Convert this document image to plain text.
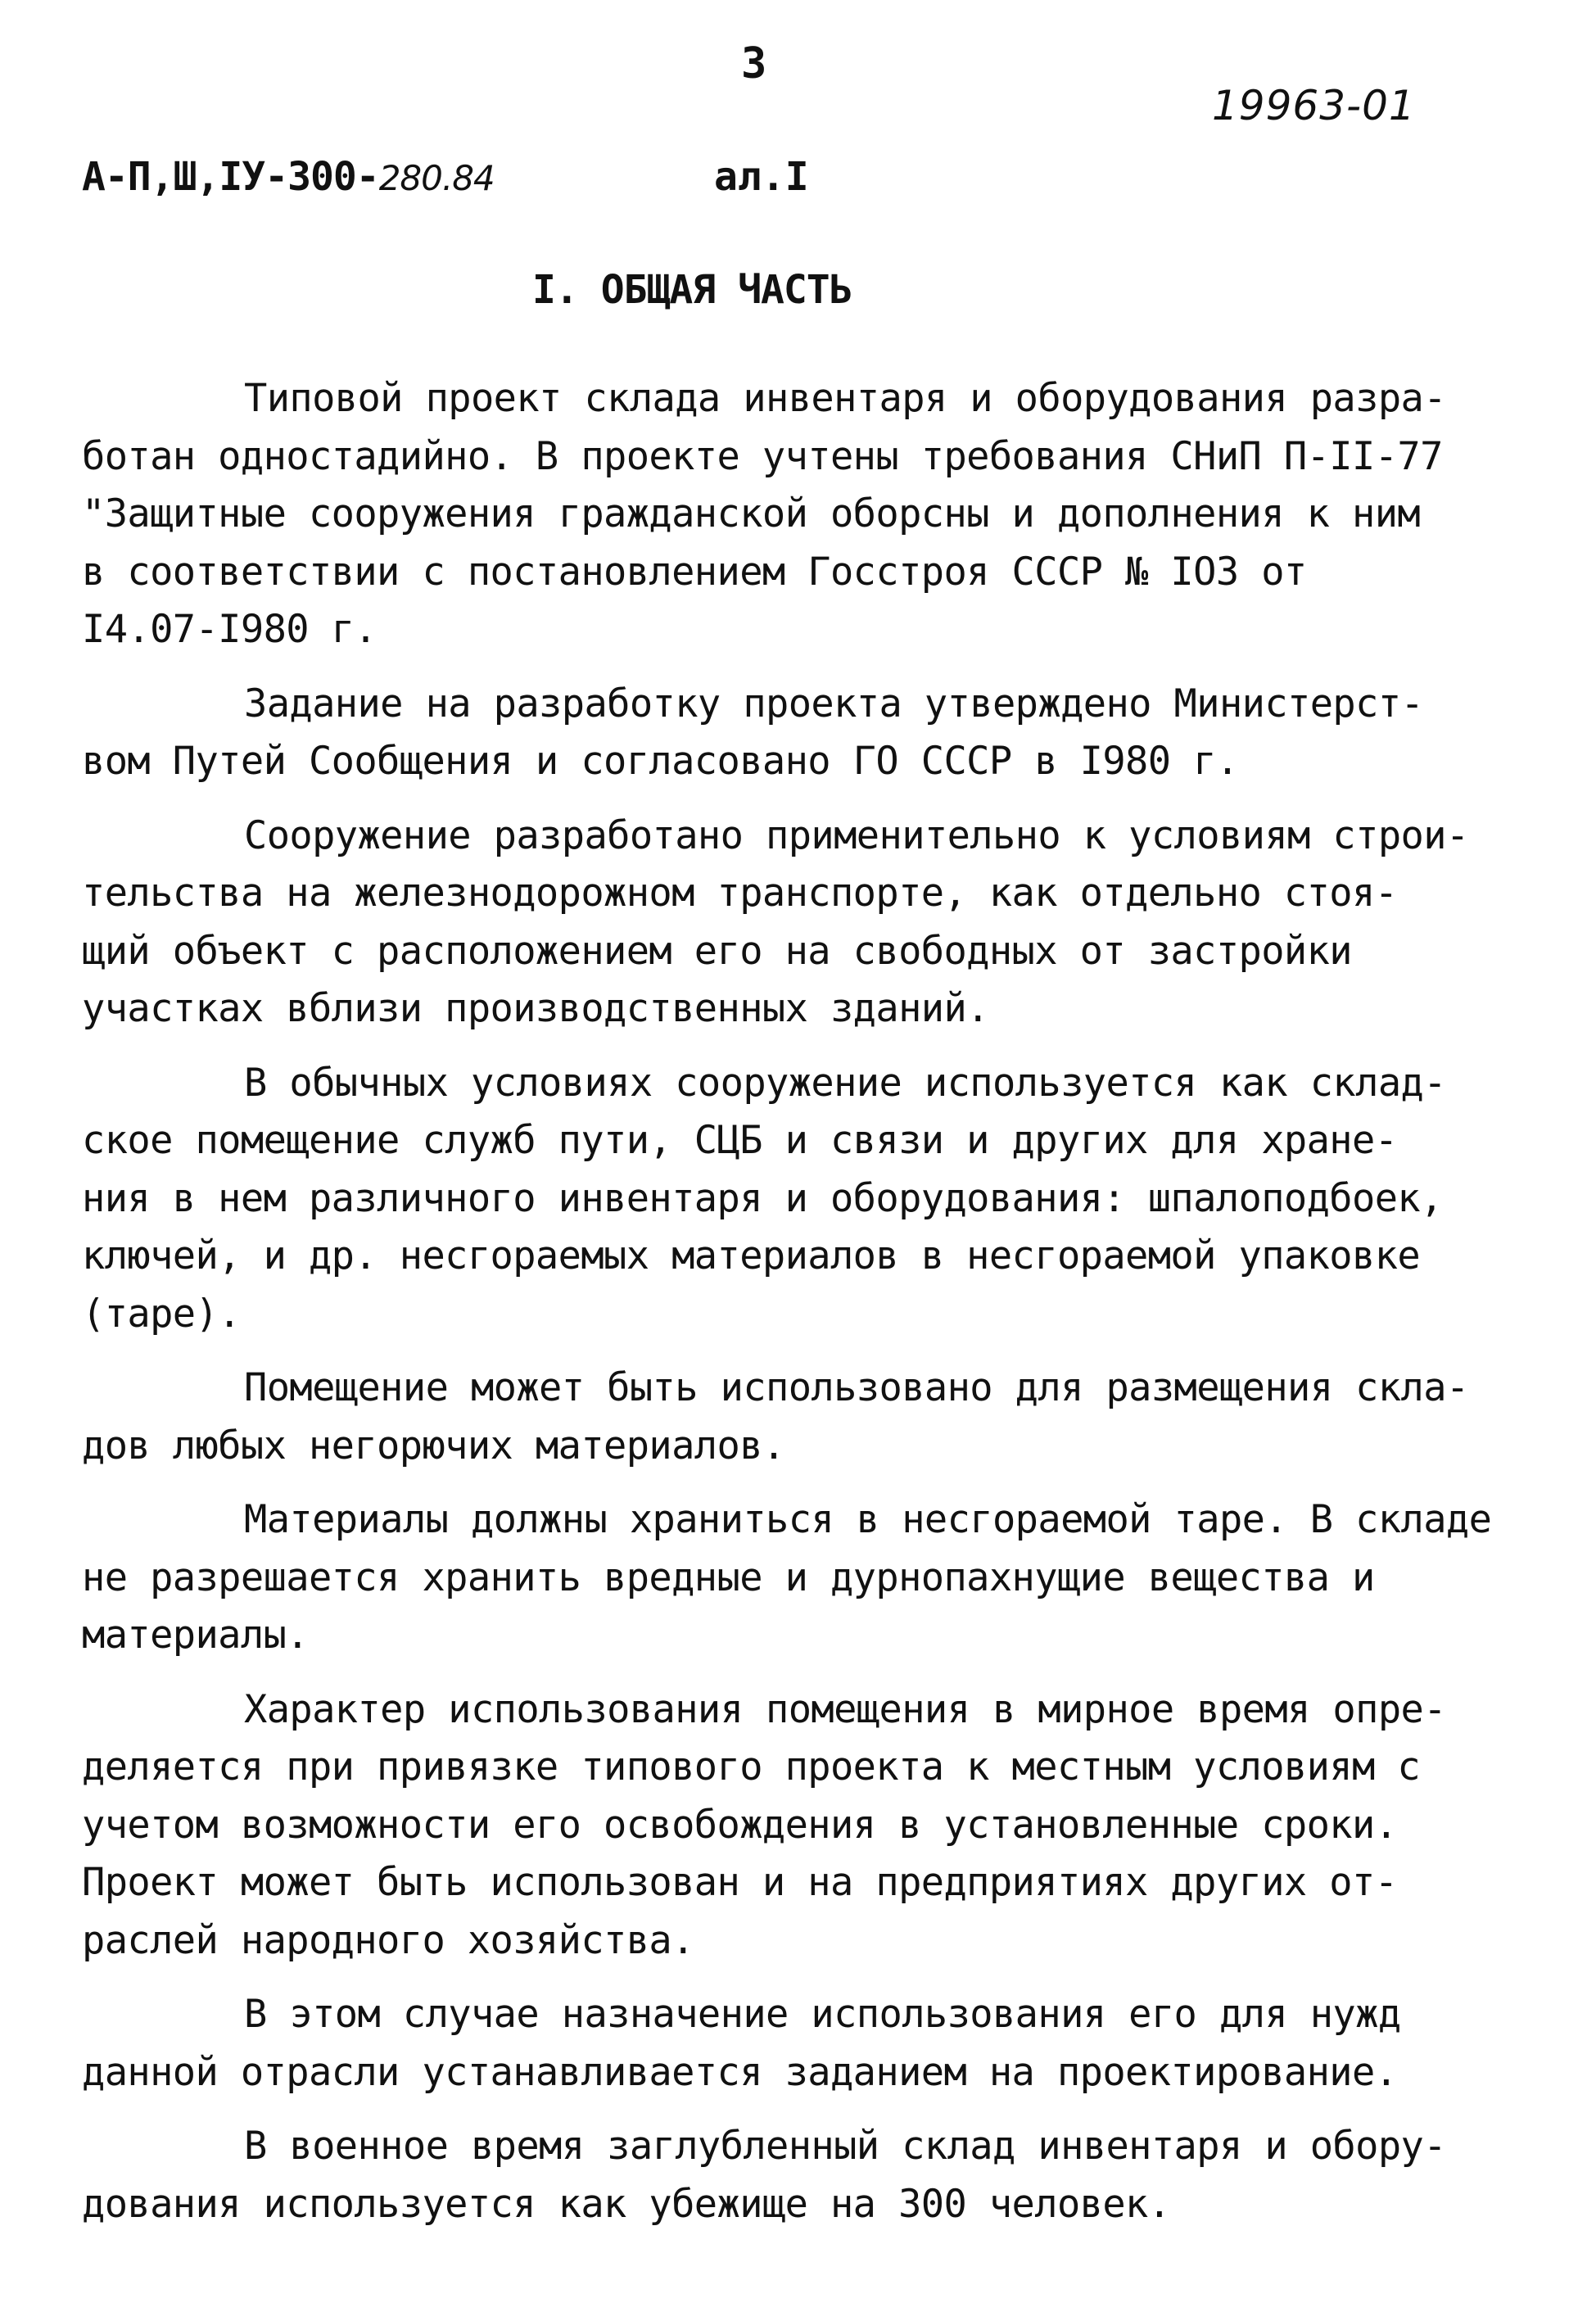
3
19963-01
А-П,Ш,IУ-300-280.84	ал.I
I. ОБЩАЯ ЧАСТЬ
Типовой проект склада инвентаря и оборудования разра-
ботан одностадийно. В проекте учтены требования СНиП П-II-77
"Защитные сооружения гражданской оборсны и дополнения к ним
в соответствии с постановлением Госстроя СССР № IO3 от
I4.07-I980 г.
Задание на разработку проекта утверждено Министерст-
вом Путей Сообщения и согласовано ГО СССР в I980 г.
Сооружение разработано применительно к условиям строи-
тельства на железнодорожном транспорте, как отдельно стоя-
щий объект с расположением его на свободных от застройки
участках вблизи производственных зданий.
В обычных условиях сооружение используется как склад-
ское помещение служб пути, СЦБ и связи и других для хране-
ния в нем различного инвентаря и оборудования: шпалоподбоек,
ключей, и др. несгораемых материалов в несгораемой упаковке
(таре).
Помещение может быть использовано для размещения скла-
дов любых негорючих материалов.
Материалы должны храниться в несгораемой таре. В складе
не разрешается хранить вредные и дурнопахнущие вещества и
материалы.
Характер использования помещения в мирное время опре-
деляется при привязке типового проекта к местным условиям с
учетом возможности его освобождения в установленные сроки.
Проект может быть использован и на предприятиях других от-
раслей народного хозяйства.
В этом случае назначение использования его для нужд
данной отрасли устанавливается заданием на проектирование.
В военное время заглубленный склад инвентаря и обору-
дования используется как убежище на 300 человек.
